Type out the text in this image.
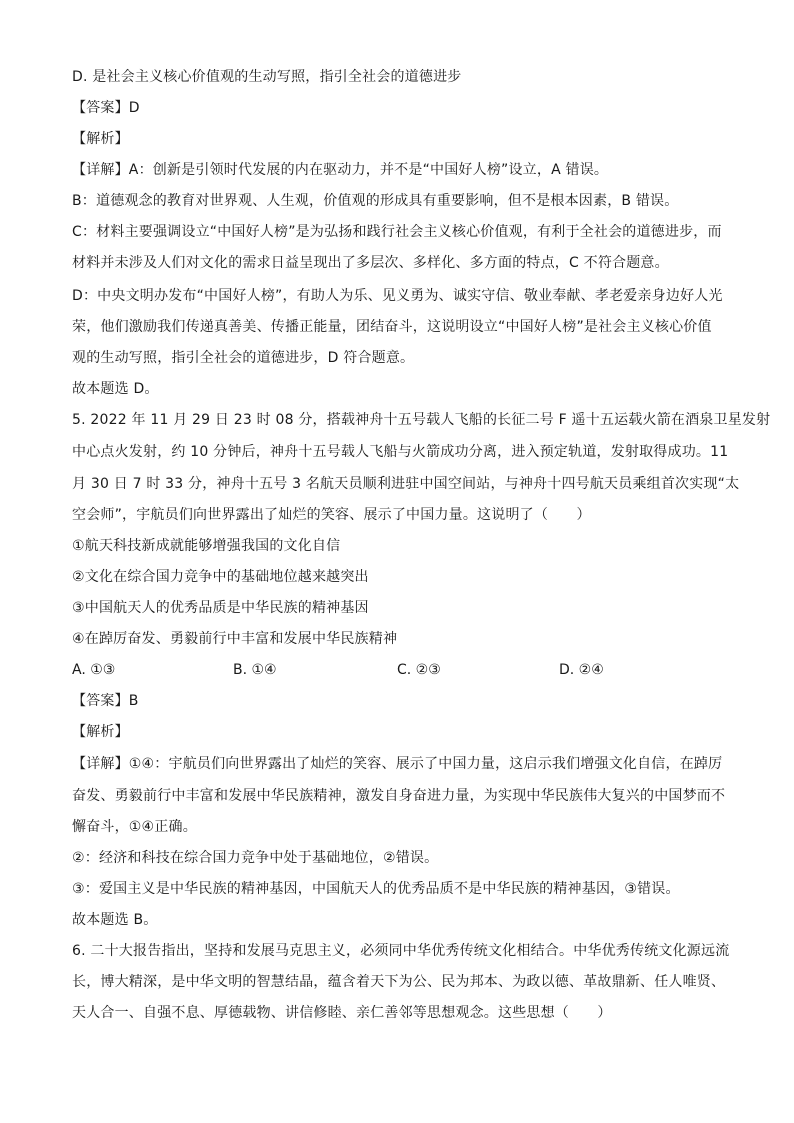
D. 是社会主义核心价值观的生动写照，指引全社会的道德进步
【答案】D
【解析】
【详解】A：创新是引领时代发展的内在驱动力，并不是“中国好人榜”设立，A 错误。
B：道德观念的教育对世界观、人生观，价值观的形成具有重要影响，但不是根本因素，B 错误。
C：材料主要强调设立“中国好人榜”是为弘扬和践行社会主义核心价值观，有利于全社会的道德进步，而
材料并未涉及人们对文化的需求日益呈现出了多层次、多样化、多方面的特点，C 不符合题意。
D：中央文明办发布“中国好人榜”，有助人为乐、见义勇为、诚实守信、敬业奉献、孝老爱亲身边好人光
荣，他们激励我们传递真善美、传播正能量，团结奋斗，这说明设立“中国好人榜”是社会主义核心价值
观的生动写照，指引全社会的道德进步，D 符合题意。
故本题选 D。
5. 2022 年 11 月 29 日 23 时 08 分，搭载神舟十五号载人飞船的长征二号 F 遥十五运载火箭在酒泉卫星发射
中心点火发射，约 10 分钟后，神舟十五号载人飞船与火箭成功分离，进入预定轨道，发射取得成功。11
月 30 日 7 时 33 分，神舟十五号 3 名航天员顺利进驻中国空间站，与神舟十四号航天员乘组首次实现“太
空会师”，宇航员们向世界露出了灿烂的笑容、展示了中国力量。这说明了（　　）
①航天科技新成就能够增强我国的文化自信
②文化在综合国力竞争中的基础地位越来越突出
③中国航天人的优秀品质是中华民族的精神基因
④在踔厉奋发、勇毅前行中丰富和发展中华民族精神
A. ①③	B. ①④	C. ②③	D. ②④
【答案】B
【解析】
【详解】①④：宇航员们向世界露出了灿烂的笑容、展示了中国力量，这启示我们增强文化自信，在踔厉
奋发、勇毅前行中丰富和发展中华民族精神，激发自身奋进力量，为实现中华民族伟大复兴的中国梦而不
懈奋斗，①④正确。
②：经济和科技在综合国力竞争中处于基础地位，②错误。
③：爱国主义是中华民族的精神基因，中国航天人的优秀品质不是中华民族的精神基因，③错误。
故本题选 B。
6. 二十大报告指出，坚持和发展马克思主义，必须同中华优秀传统文化相结合。中华优秀传统文化源远流
长，博大精深，是中华文明的智慧结晶，蕴含着天下为公、民为邦本、为政以德、革故鼎新、任人唯贤、
天人合一、自强不息、厚德载物、讲信修睦、亲仁善邻等思想观念。这些思想（　　）
